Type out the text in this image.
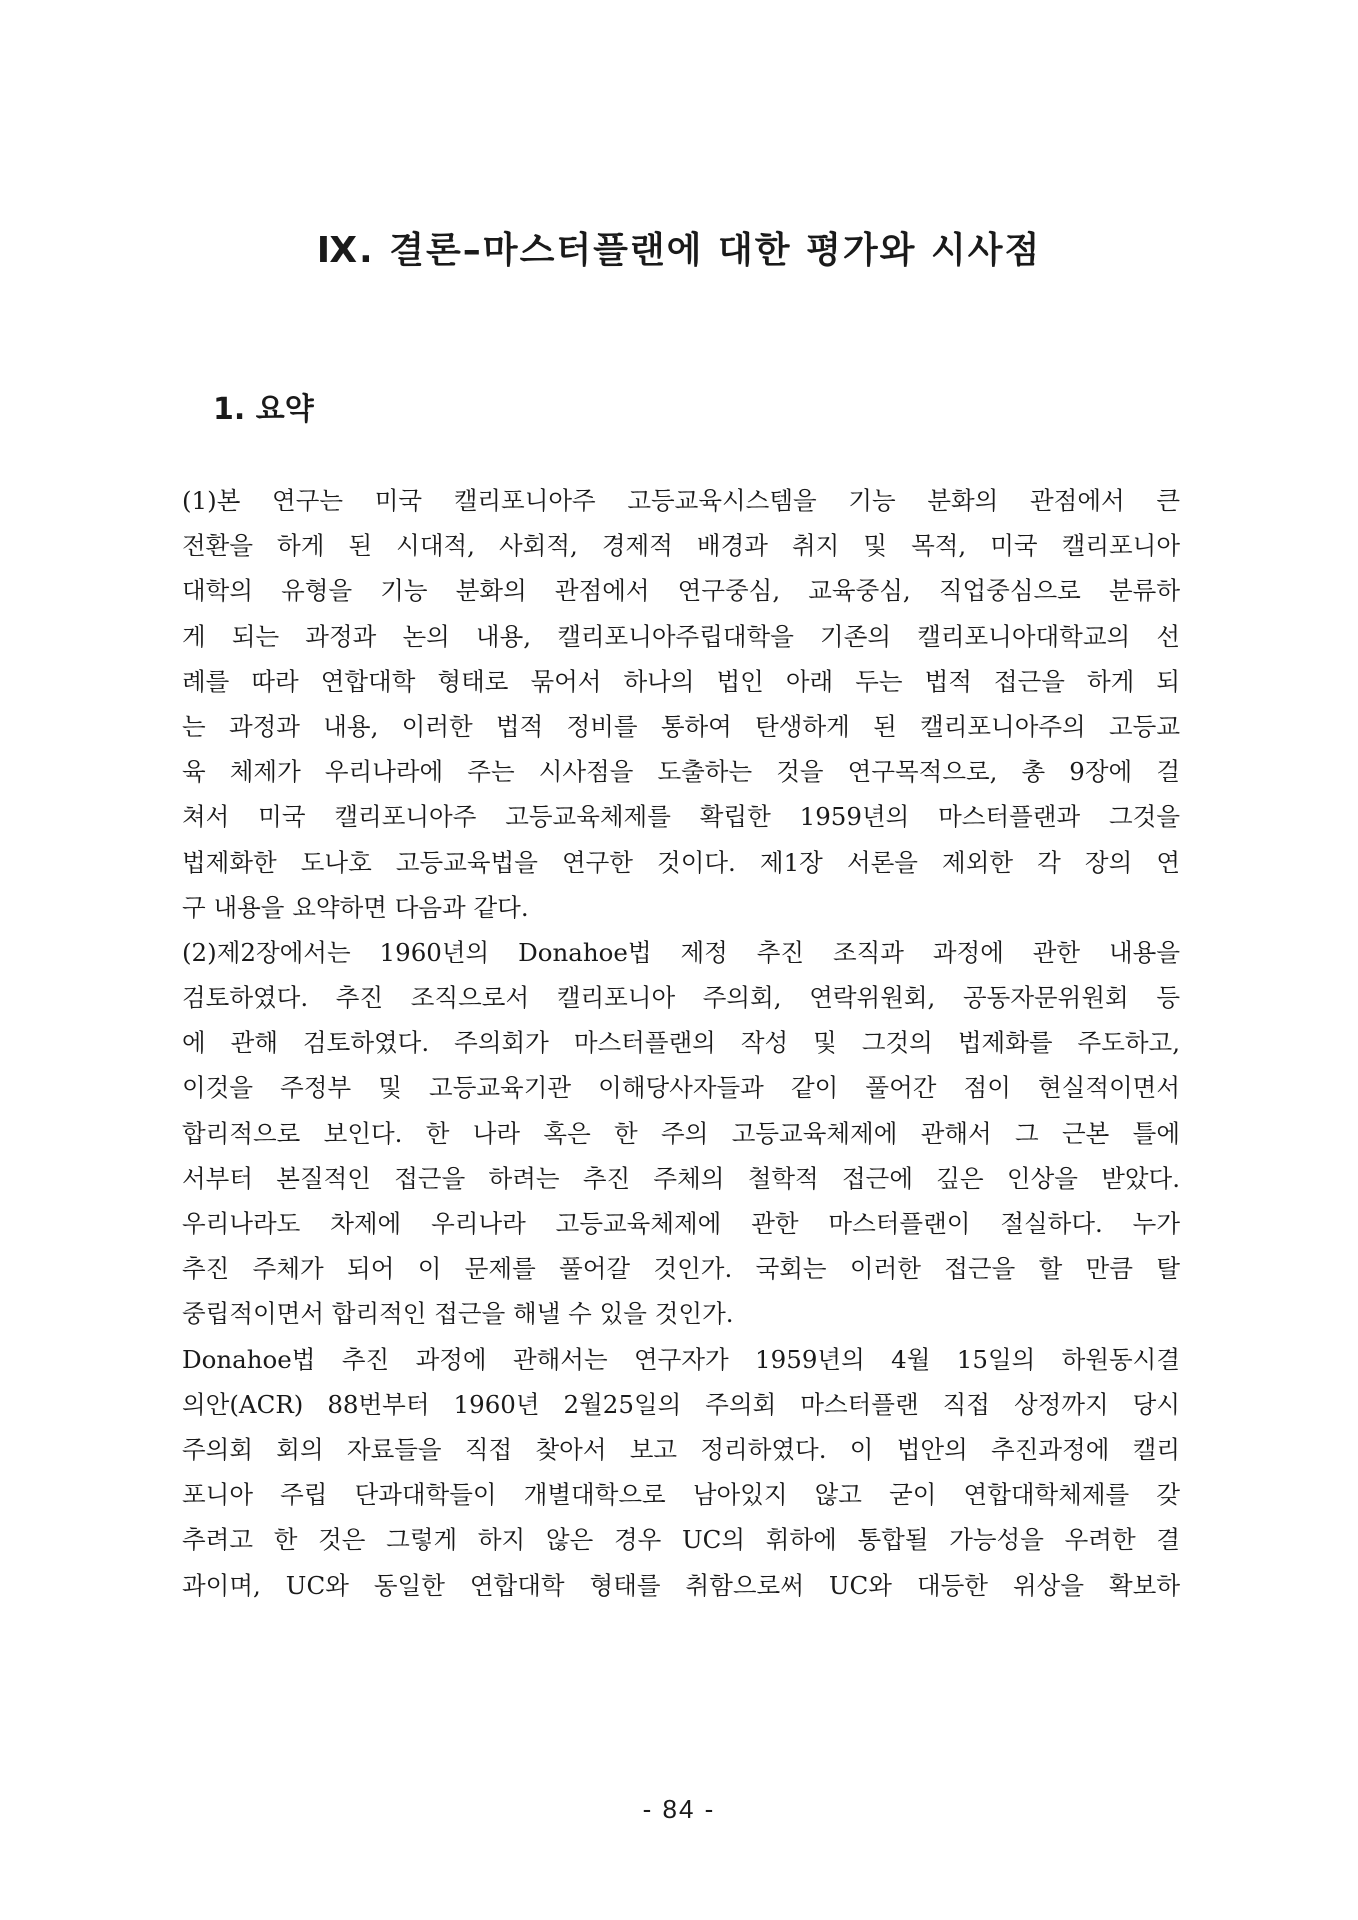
Ⅸ. 결론–마스터플랜에 대한 평가와 시사점
1. 요약
(1)본 연구는 미국 캘리포니아주 고등교육시스템을 기능 분화의 관점에서 큰
전환을 하게 된 시대적, 사회적, 경제적 배경과 취지 및 목적, 미국 캘리포니아
대학의 유형을 기능 분화의 관점에서 연구중심, 교육중심, 직업중심으로 분류하
게 되는 과정과 논의 내용, 캘리포니아주립대학을 기존의 캘리포니아대학교의 선
례를 따라 연합대학 형태로 묶어서 하나의 법인 아래 두는 법적 접근을 하게 되
는 과정과 내용, 이러한 법적 정비를 통하여 탄생하게 된 캘리포니아주의 고등교
육 체제가 우리나라에 주는 시사점을 도출하는 것을 연구목적으로, 총 9장에 걸
쳐서 미국 캘리포니아주 고등교육체제를 확립한 1959년의 마스터플랜과 그것을
법제화한 도나호 고등교육법을 연구한 것이다. 제1장 서론을 제외한 각 장의 연
구 내용을 요약하면 다음과 같다.
(2)제2장에서는 1960년의 Donahoe법 제정 추진 조직과 과정에 관한 내용을
검토하였다. 추진 조직으로서 캘리포니아 주의회, 연락위원회, 공동자문위원회 등
에 관해 검토하였다. 주의회가 마스터플랜의 작성 및 그것의 법제화를 주도하고,
이것을 주정부 및 고등교육기관 이해당사자들과 같이 풀어간 점이 현실적이면서
합리적으로 보인다. 한 나라 혹은 한 주의 고등교육체제에 관해서 그 근본 틀에
서부터 본질적인 접근을 하려는 추진 주체의 철학적 접근에 깊은 인상을 받았다.
우리나라도 차제에 우리나라 고등교육체제에 관한 마스터플랜이 절실하다. 누가
추진 주체가 되어 이 문제를 풀어갈 것인가. 국회는 이러한 접근을 할 만큼 탈
중립적이면서 합리적인 접근을 해낼 수 있을 것인가.
Donahoe법 추진 과정에 관해서는 연구자가 1959년의 4월 15일의 하원동시결
의안(ACR) 88번부터 1960년 2월25일의 주의회 마스터플랜 직접 상정까지 당시
주의회 회의 자료들을 직접 찾아서 보고 정리하였다. 이 법안의 추진과정에 캘리
포니아 주립 단과대학들이 개별대학으로 남아있지 않고 굳이 연합대학체제를 갖
추려고 한 것은 그렇게 하지 않은 경우 UC의 휘하에 통합될 가능성을 우려한 결
과이며, UC와 동일한 연합대학 형태를 취함으로써 UC와 대등한 위상을 확보하
- 84 -
